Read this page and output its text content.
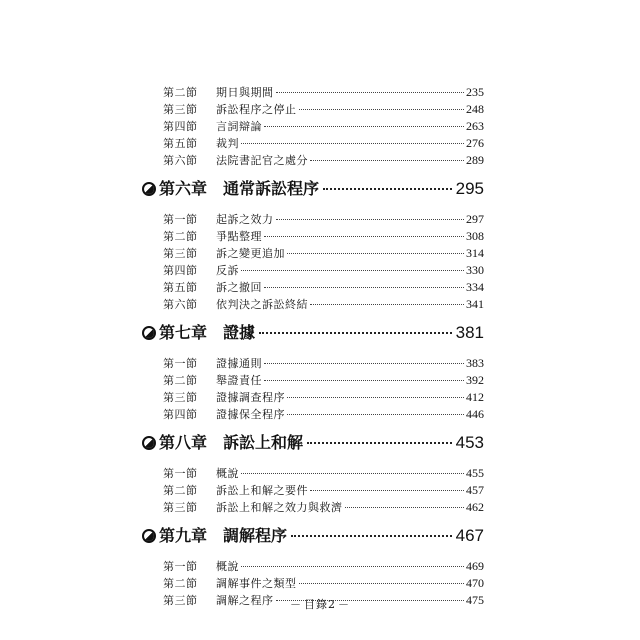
第二節	期日與期間	235
第三節	訴訟程序之停止	248
第四節	言詞辯論	263
第五節	裁判	276
第六節	法院書記官之處分	289
第六章 通常訴訟程序	295
第一節	起訴之效力	297
第二節	爭點整理	308
第三節	訴之變更追加	314
第四節	反訴	330
第五節	訴之撤回	334
第六節	依判決之訴訟終結	341
第七章 證據	381
第一節	證據通則	383
第二節	舉證責任	392
第三節	證據調查程序	412
第四節	證據保全程序	446
第八章 訴訟上和解	453
第一節	概說	455
第二節	訴訟上和解之要件	457
第三節	訴訟上和解之效力與救濟	462
第九章 調解程序	467
第一節	概說	469
第二節	調解事件之類型	470
第三節	調解之程序	475
－ 目錄2 －
